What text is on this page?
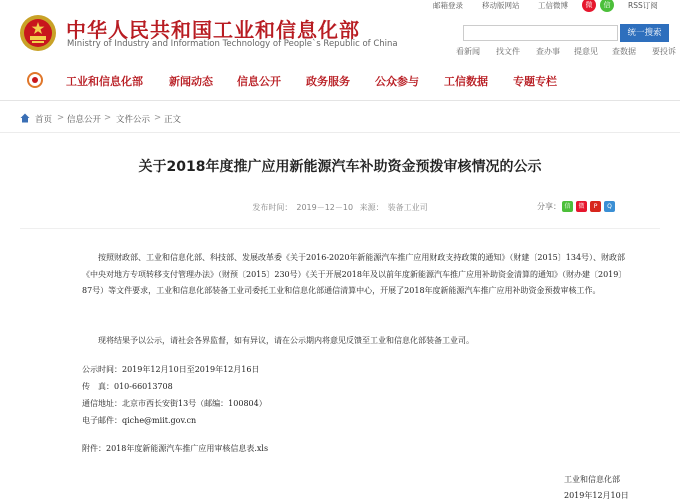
中华人民共和国工业和信息化部
Ministry of Industry and Information Technology of People`s Republic of China
邮箱登录	移动版网站 工信微博	微	信	RSS订阅
统一搜索
看新闻 找文件 查办事 提意见 查数据 要投诉
工业和信息化部 新闻动态 信息公开 政务服务 公众参与 工信数据 专题专栏
首页 > 信息公开 > 文件公示 > 正文
关于2018年度推广应用新能源汽车补助资金预拨审核情况的公示
发布时间： 2019－12－10 来源： 装备工业司	分享： 信	微	P	Q

按照财政部、工业和信息化部、科技部、发展改革委《关于2016-2020年新能源汽车推广应用财政支持政策的通知》（财建〔2015〕134号）、财政部《中央对地方专项转移支付管理办法》（财预〔2015〕230号）《关于开展2018年及以前年度新能源汽车推广应用补助资金清算的通知》（财办建〔2019〕87号）等文件要求，工业和信息化部装备工业司委托工业和信息化部通信清算中心，开展了2018年度新能源汽车推广应用补助资金预拨审核工作。

现将结果予以公示，请社会各界监督，如有异议，请在公示期内将意见反馈至工业和信息化部装备工业司。

公示时间：2019年12月10日至2019年12月16日
传　真：010-66013708
通信地址：北京市西长安街13号（邮编：100804）
电子邮件：qiche@miit.gov.cn
附件：2018年度新能源汽车推广应用审核信息表.xls
工业和信息化部
2019年12月10日
